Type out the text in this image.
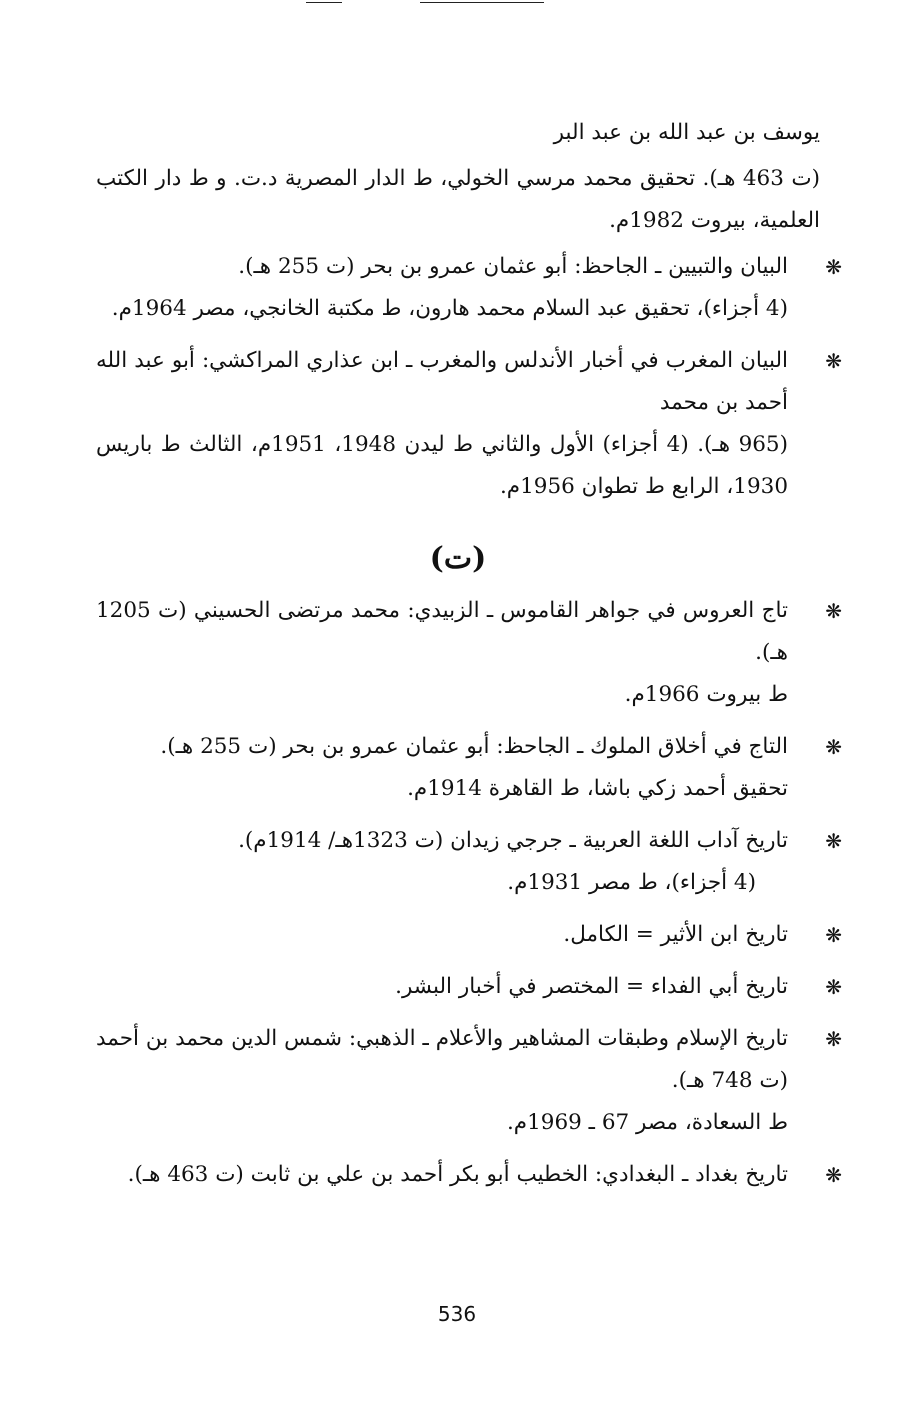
يوسف بن عبد الله بن عبد البر

(ت 463 هـ). تحقيق محمد مرسي الخولي، ط الدار المصرية د.ت. و ط دار الكتب العلمية، بيروت 1982م.

❋
البيان والتبيين ـ الجاحظ: أبو عثمان عمرو بن بحر (ت 255 هـ).
(4 أجزاء)، تحقيق عبد السلام محمد هارون، ط مكتبة الخانجي، مصر 1964م.
❋
البيان المغرب في أخبار الأندلس والمغرب ـ ابن عذاري المراكشي: أبو عبد الله أحمد بن محمد
(965 هـ). (4 أجزاء) الأول والثاني ط ليدن 1948، 1951م، الثالث ط باريس 1930، الرابع ط تطوان 1956م.
(ت)
❋
تاج العروس في جواهر القاموس ـ الزبيدي: محمد مرتضى الحسيني (ت 1205 هـ).
ط بيروت 1966م.
❋
التاج في أخلاق الملوك ـ الجاحظ: أبو عثمان عمرو بن بحر (ت 255 هـ).
تحقيق أحمد زكي باشا، ط القاهرة 1914م.
❋
تاريخ آداب اللغة العربية ـ جرجي زيدان (ت 1323هـ/ 1914م).
(4 أجزاء)، ط مصر 1931م.
❋
تاريخ ابن الأثير = الكامل.
❋
تاريخ أبي الفداء = المختصر في أخبار البشر.
❋
تاريخ الإسلام وطبقات المشاهير والأعلام ـ الذهبي: شمس الدين محمد بن أحمد (ت 748 هـ).
ط السعادة، مصر 67 ـ 1969م.
❋
تاريخ بغداد ـ البغدادي: الخطيب أبو بكر أحمد بن علي بن ثابت (ت 463 هـ).
536
